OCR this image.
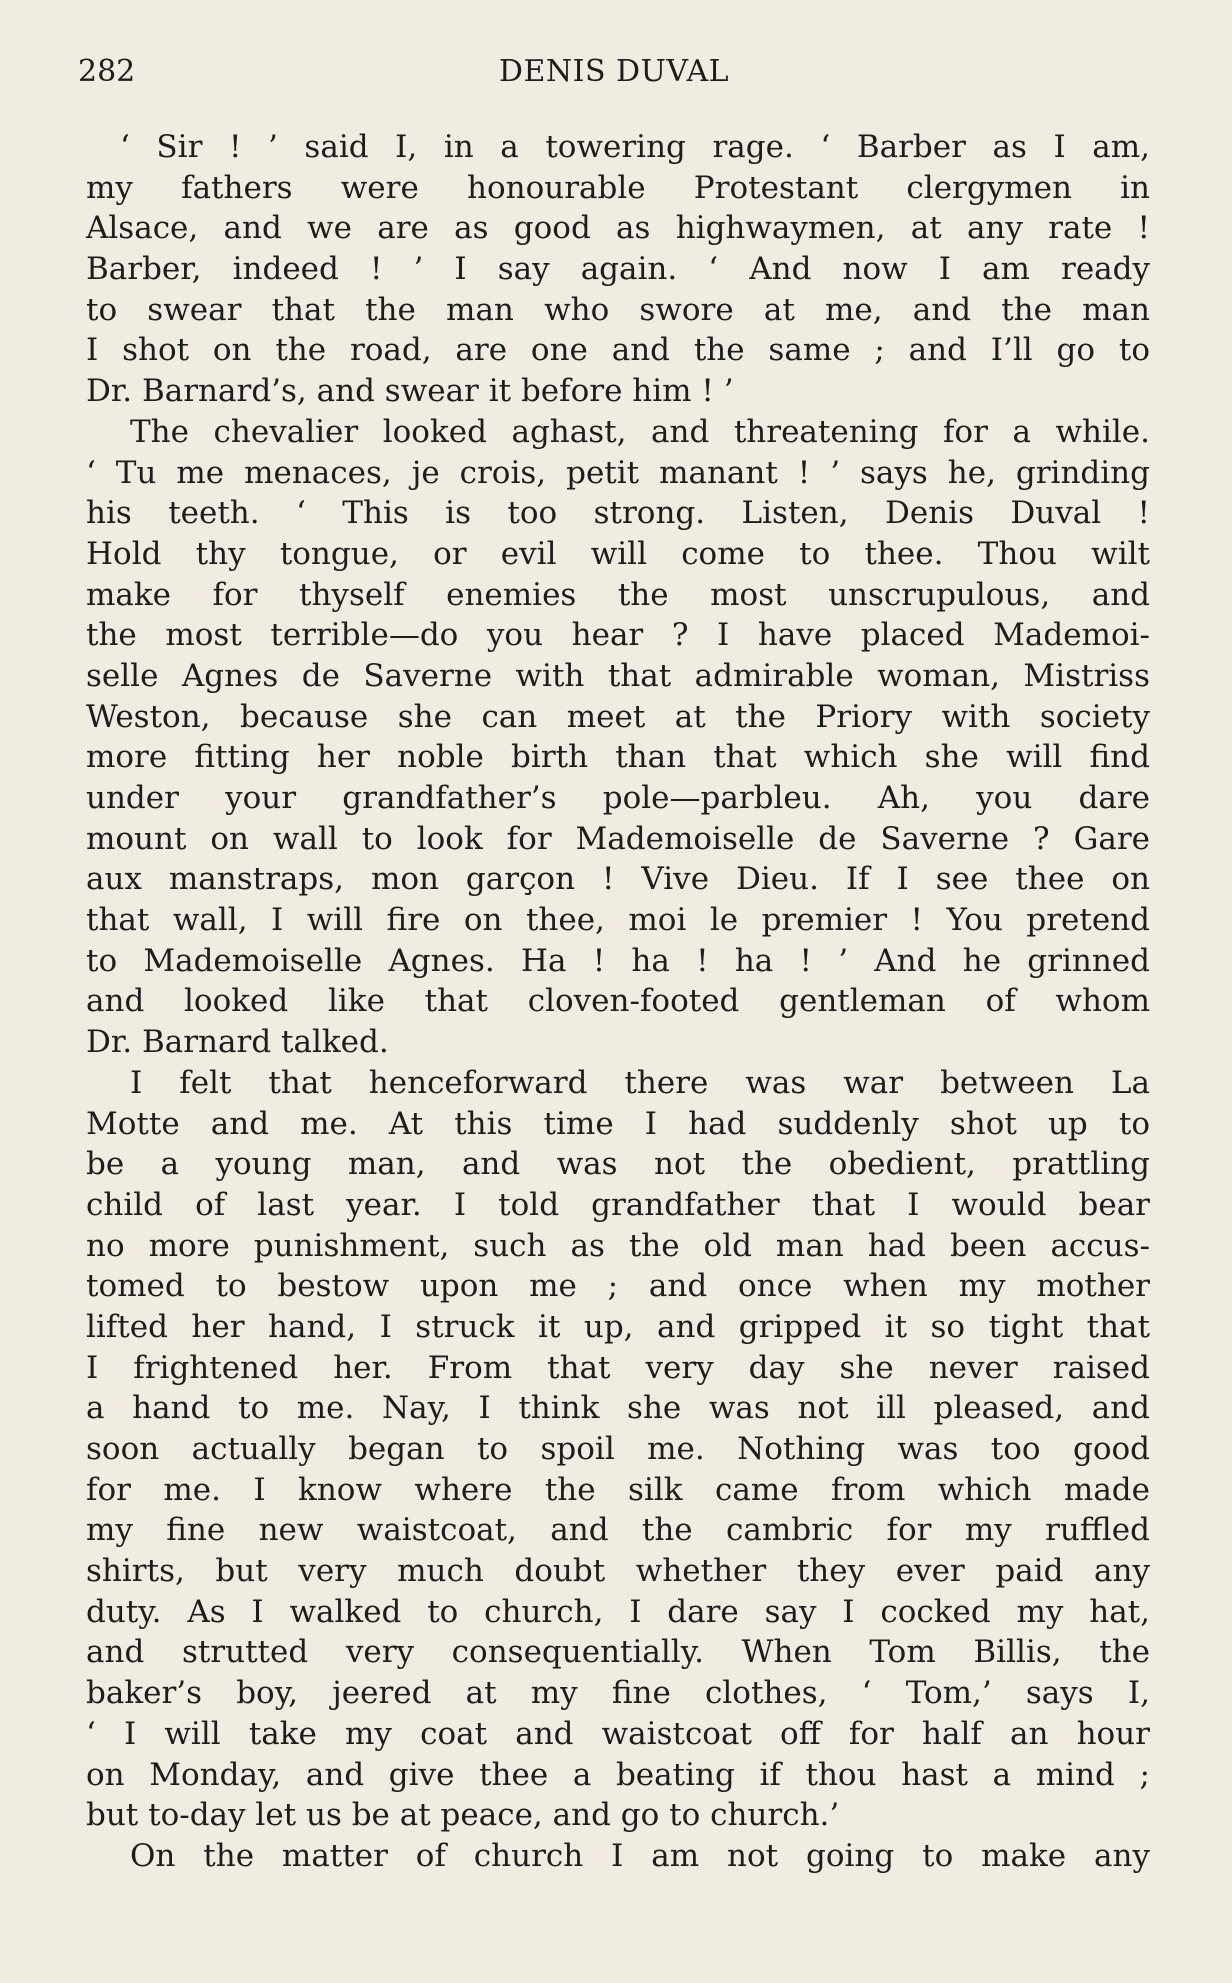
282	DENIS DUVAL
‘ Sir ! ’ said I, in a towering rage. ‘ Barber as I am,
my fathers were honourable Protestant clergymen in
Alsace, and we are as good as highwaymen, at any rate !
Barber, indeed ! ’ I say again. ‘ And now I am ready
to swear that the man who swore at me, and the man
I shot on the road, are one and the same ; and I’ll go to
Dr. Barnard’s, and swear it before him ! ’
The chevalier looked aghast, and threatening for a while.
‘ Tu me menaces, je crois, petit manant ! ’ says he, grinding
his teeth. ‘ This is too strong. Listen, Denis Duval !
Hold thy tongue, or evil will come to thee. Thou wilt
make for thyself enemies the most unscrupulous, and
the most terrible—do you hear ? I have placed Mademoi-
selle Agnes de Saverne with that admirable woman, Mistriss
Weston, because she can meet at the Priory with society
more fitting her noble birth than that which she will find
under your grandfather’s pole—parbleu. Ah, you dare
mount on wall to look for Mademoiselle de Saverne ? Gare
aux manstraps, mon garçon ! Vive Dieu. If I see thee on
that wall, I will fire on thee, moi le premier ! You pretend
to Mademoiselle Agnes. Ha ! ha ! ha ! ’ And he grinned
and looked like that cloven-footed gentleman of whom
Dr. Barnard talked.
I felt that henceforward there was war between La
Motte and me. At this time I had suddenly shot up to
be a young man, and was not the obedient, prattling
child of last year. I told grandfather that I would bear
no more punishment, such as the old man had been accus-
tomed to bestow upon me ; and once when my mother
lifted her hand, I struck it up, and gripped it so tight that
I frightened her. From that very day she never raised
a hand to me. Nay, I think she was not ill pleased, and
soon actually began to spoil me. Nothing was too good
for me. I know where the silk came from which made
my fine new waistcoat, and the cambric for my ruffled
shirts, but very much doubt whether they ever paid any
duty. As I walked to church, I dare say I cocked my hat,
and strutted very consequentially. When Tom Billis, the
baker’s boy, jeered at my fine clothes, ‘ Tom,’ says I,
‘ I will take my coat and waistcoat off for half an hour
on Monday, and give thee a beating if thou hast a mind ;
but to-day let us be at peace, and go to church.’
On the matter of church I am not going to make any
